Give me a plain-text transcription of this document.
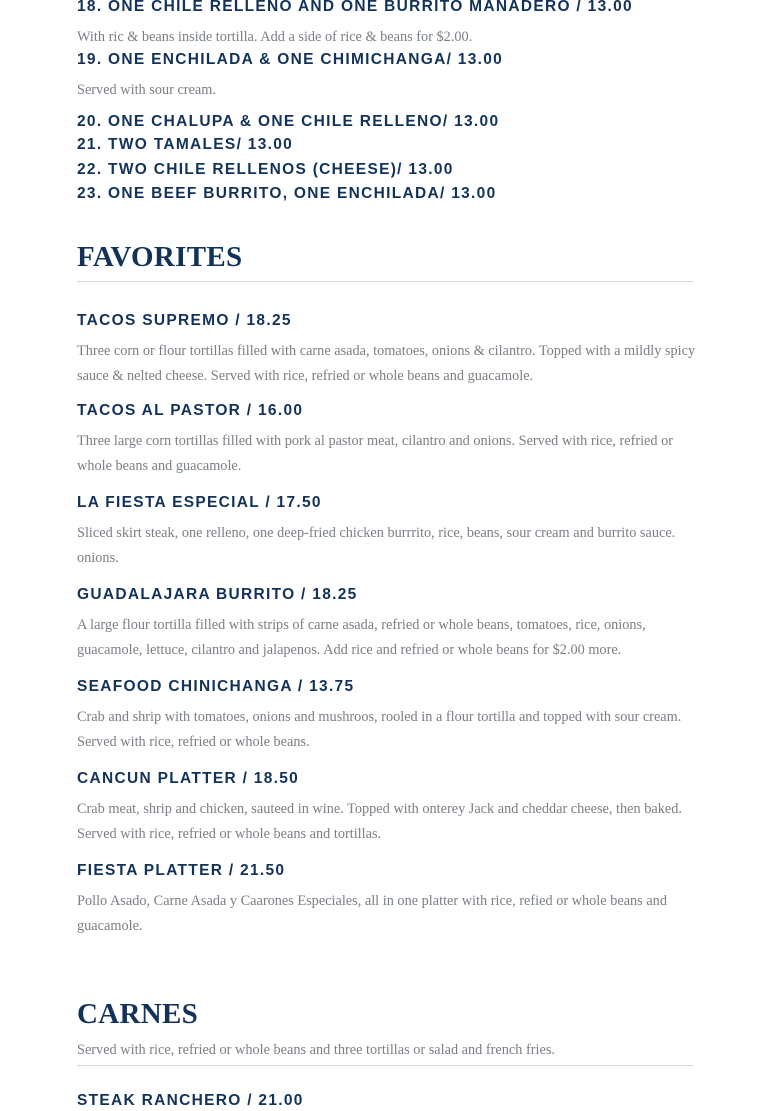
18. ONE CHILE RELLENO AND ONE BURRITO MANADERO / 13.00
With ric & beans inside tortilla. Add a side of rice & beans for $2.00.
19. ONE ENCHILADA & ONE CHIMICHANGA/ 13.00
Served with sour cream.
20. ONE CHALUPA & ONE CHILE RELLENO/ 13.00
21. TWO TAMALES/ 13.00
22. TWO CHILE RELLENOS (CHEESE)/ 13.00
23. ONE BEEF BURRITO, ONE ENCHILADA/ 13.00
FAVORITES
TACOS SUPREMO / 18.25
Three corn or flour tortillas filled with carne asada, tomatoes, onions & cilantro. Topped with a mildly spicy sauce & nelted cheese. Served with rice, refried or whole beans and guacamole.
TACOS AL PASTOR / 16.00
Three large corn tortillas filled with pork al pastor meat, cilantro and onions. Served with rice, refried or whole beans and guacamole.
LA FIESTA ESPECIAL / 17.50
Sliced skirt steak, one relleno, one deep-fried chicken burrrito, rice, beans, sour cream and burrito sauce. onions.
GUADALAJARA BURRITO / 18.25
A large flour tortilla filled with strips of carne asada, refried or whole beans, tomatoes, rice, onions, guacamole, lettuce, cilantro and jalapenos. Add rice and refried or whole beans for $2.00 more.
SEAFOOD CHINICHANGA / 13.75
Crab and shrip with tomatoes, onions and mushroos, rooled in a flour tortilla and topped with sour cream. Served with rice, refried or whole beans.
CANCUN PLATTER / 18.50
Crab meat, shrip and chicken, sauteed in wine. Topped with onterey Jack and cheddar cheese, then baked. Served with rice, refried or whole beans and tortillas.
FIESTA PLATTER / 21.50
Pollo Asado, Carne Asada y Caarones Especiales, all in one platter with rice, refied or whole beans and guacamole.
CARNES
Served with rice, refried or whole beans and three tortillas or salad and french fries.
STEAK RANCHERO / 21.00
